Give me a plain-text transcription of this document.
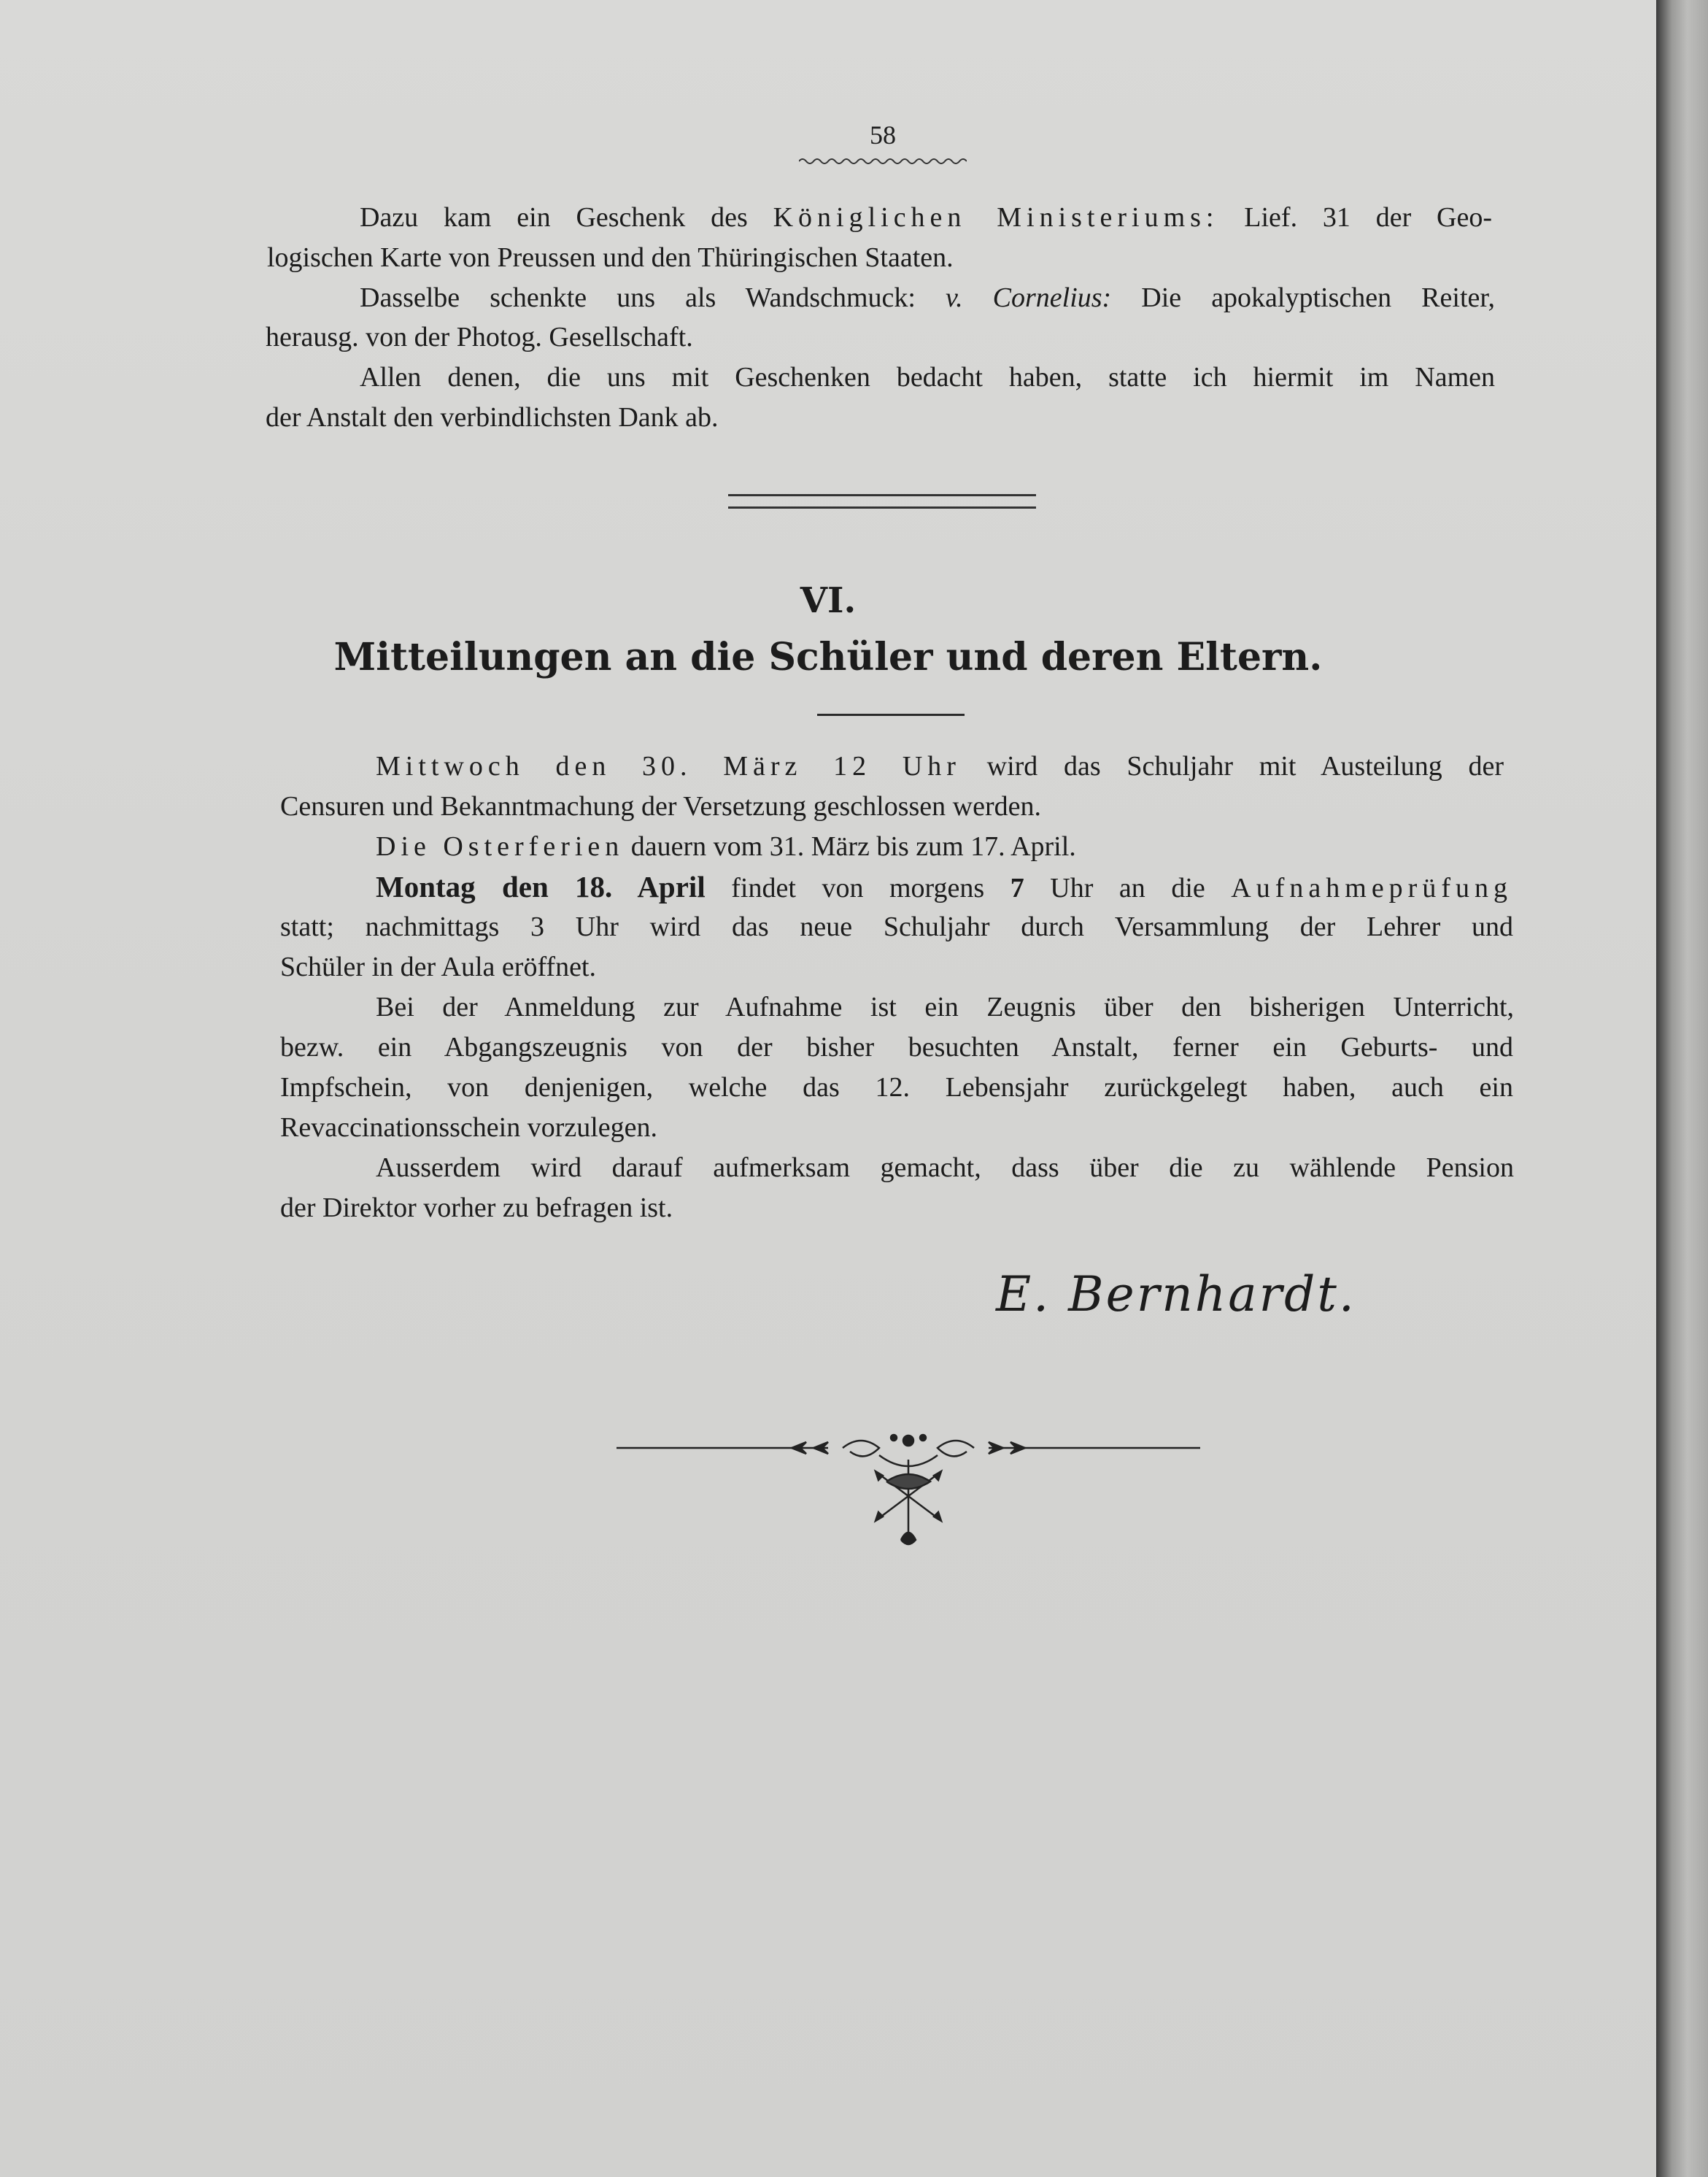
58
Dazu kam ein Geschenk des Königlichen Ministeriums: Lief. 31 der Geo-
logischen Karte von Preussen und den Thüringischen Staaten.
Dasselbe schenkte uns als Wandschmuck: v. Cornelius: Die apokalyptischen Reiter,
herausg. von der Photog. Gesellschaft.
Allen denen, die uns mit Geschenken bedacht haben, statte ich hiermit im Namen
der Anstalt den verbindlichsten Dank ab.
VI.
Mitteilungen an die Schüler und deren Eltern.
Mittwoch den 30. März 12 Uhr wird das Schuljahr mit Austeilung der
Censuren und Bekanntmachung der Versetzung geschlossen werden.
Die Osterferien dauern vom 31. März bis zum 17. April.
Montag den 18. April findet von morgens 7 Uhr an die Aufnahmeprüfung
statt; nachmittags 3 Uhr wird das neue Schuljahr durch Versammlung der Lehrer und
Schüler in der Aula eröffnet.
Bei der Anmeldung zur Aufnahme ist ein Zeugnis über den bisherigen Unterricht,
bezw. ein Abgangszeugnis von der bisher besuchten Anstalt, ferner ein Geburts- und
Impfschein, von denjenigen, welche das 12. Lebensjahr zurückgelegt haben, auch ein
Revaccinationsschein vorzulegen.
Ausserdem wird darauf aufmerksam gemacht, dass über die zu wählende Pension
der Direktor vorher zu befragen ist.
E. Bernhardt.
